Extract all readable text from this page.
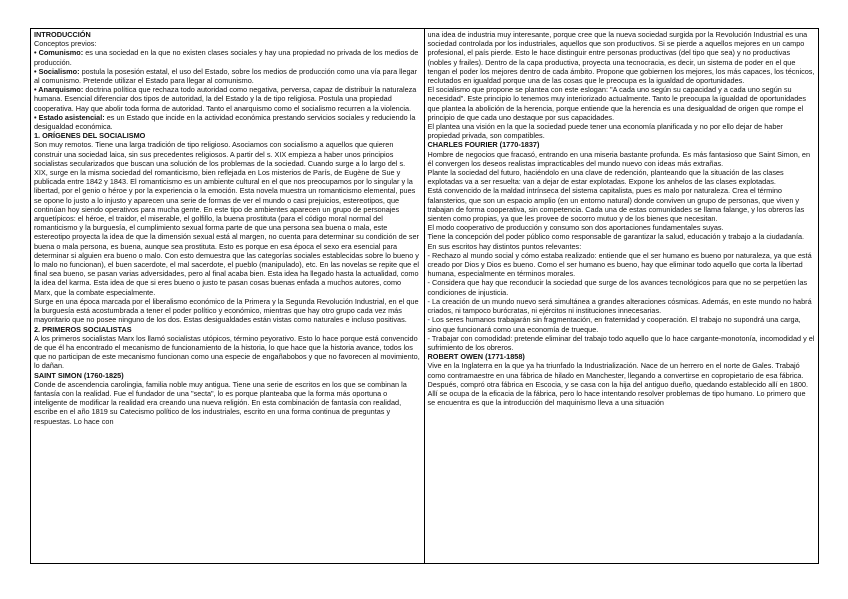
INTRODUCCIÓN
Conceptos previos:
• Comunismo: es una sociedad en la que no existen clases sociales y hay una propiedad no privada de los medios de producción.
• Socialismo: postula la posesión estatal, el uso del Estado, sobre los medios de producción como una vía para llegar al comunismo. Pretende utilizar el Estado para llegar al comunismo.
• Anarquismo: doctrina política que rechaza todo autoridad como negativa, perversa, capaz de distribuir la naturaleza humana. Esencial diferenciar dos tipos de autoridad, la del Estado y la de tipo religiosa. Postula una propiedad cooperativa. Hay que abolir toda forma de autoridad. Tanto el anarquismo como el socialismo recurren a la violencia.
• Estado asistencial: es un Estado que incide en la actividad económica prestando servicios sociales y reduciendo la desigualdad económica.
1. ORÍGENES DEL SOCIALISMO
Son muy remotos. Tiene una larga tradición de tipo religioso. Asociamos con socialismo a aquellos que quieren construir una sociedad laica, sin sus precedentes religiosos. A partir del s. XIX empieza a haber unos principios socialistas secularizados que buscan una solución de los problemas de la sociedad. Cuando surge a lo largo del s. XIX, surge en la misma sociedad del romanticismo, bien reflejada en Los misterios de París, de Eugène de Sue y publicada entre 1842 y 1843. El romanticismo es un ambiente cultural en el que nos preocupamos por lo singular y la libertad, por el genio o héroe y por la experiencia o la emoción. Esta novela muestra un romanticismo elemental, pues se opone lo justo a lo injusto y aparecen una serie de formas de ver el mundo o casi prejuicios, estereotipos, que continúan hoy siendo operativos para mucha gente. En este tipo de ambientes aparecen un grupo de personajes arquetípicos: el héroe, el traidor, el miserable, el golfillo, la buena prostituta (para el código moral normal del romanticismo y la burguesía, el cumplimiento sexual forma parte de que una persona sea buena o mala, este estereotipo proyecta la idea de que la dimensión sexual está al margen, no cuenta para determinar su condición de ser buena o mala persona, es buena, aunque sea prostituta. Esto es porque en esa época el sexo era esencial para determinar si alguien era bueno o malo. Con esto demuestra que las categorías sociales establecidas sobre lo bueno y lo malo no funcionan), el buen sacerdote, el mal sacerdote, el pueblo (manipulado), etc. En las novelas se repite que el final sea bueno, se pasan varias adversidades, pero al final acaba bien. Esta idea ha llegado hasta la actualidad, como la idea del karma. Esta idea de que si eres bueno o justo te pasan cosas buenas enfada a muchos autores, como Marx, que la combate especialmente.
Surge en una época marcada por el liberalismo económico de la Primera y la Segunda Revolución Industrial, en el que la burguesía está acostumbrada a tener el poder político y económico, mientras que hay otro grupo cada vez más mayoritario que no posee ninguno de los dos. Estas desigualdades están vistas como naturales e incluso positivas.
2. PRIMEROS SOCIALISTAS
A los primeros socialistas Marx los llamó socialistas utópicos, término peyorativo. Esto lo hace porque está convencido de que él ha encontrado el mecanismo de funcionamiento de la historia, lo que hace que la historia avance, todos los que no participan de este mecanismo funcionan como una especie de engañabobos y que no favorecen al movimiento, lo dañan.
SAINT SIMON (1760-1825)
Conde de ascendencia carolingia, familia noble muy antigua. Tiene una serie de escritos en los que se combinan la fantasía con la realidad. Fue el fundador de una "secta", lo es porque planteaba que la forma más oportuna o inteligente de modificar la realidad era creando una nueva religión. En esta combinación de fantasía con realidad, escribe en el año 1819 su Catecismo político de los industriales, escrito en una forma continua de preguntas y respuestas. Lo hace con
una idea de industria muy interesante, porque cree que la nueva sociedad surgida por la Revolución Industrial es una sociedad controlada por los industriales, aquellos que son productivos. Si se pierde a aquellos mejores en un campo profesional, el país pierde. Esto le hace distinguir entre personas productivas (del tipo que sea) y no productivas (nobles y frailes). Dentro de la capa productiva, proyecta una tecnocracia, es decir, un sistema de poder en el que tengan el poder los mejores dentro de cada ámbito. Propone que gobiernen los mejores, los más capaces, los técnicos, reclutados en igualdad porque una de las cosas que le preocupa es la igualdad de oportunidades.
El socialismo que propone se plantea con este eslogan: "A cada uno según su capacidad y a cada uno según su necesidad". Este principio lo tenemos muy interiorizado actualmente. Tanto le preocupa la igualdad de oportunidades que plantea la abolición de la herencia, porque entiende que la herencia es una desigualdad de origen que rompe el principio de que cada uno destaque por sus capacidades.
El plantea una visión en la que la sociedad puede tener una economía planificada y no por ello dejar de haber propiedad privada, son compatibles.
CHARLES FOURIER (1770-1837)
Hombre de negocios que fracasó, entrando en una miseria bastante profunda. Es más fantasioso que Saint Simon, en él convergen los deseos realistas impracticables del mundo nuevo con ideas más extrañas.
Plante la sociedad del futuro, haciéndolo en una clave de redención, planteando que la situación de las clases explotadas va a ser resuelta: van a dejar de estar explotadas. Expone los anhelos de las clases explotadas.
Está convencido de la maldad intrínseca del sistema capitalista, pues es malo por naturaleza. Crea el término falansterios, que son un espacio amplio (en un entorno natural) donde conviven un grupo de personas, que viven y trabajan de forma cooperativa, sin competencia. Cada una de estas comunidades se llama falange, y los obreros las sienten como propias, ya que les provee de socorro mutuo y de los bienes que necesitan.
El modo cooperativo de producción y consumo son dos aportaciones fundamentales suyas.
Tiene la concepción del poder público como responsable de garantizar la salud, educación y trabajo a la ciudadanía. En sus escritos hay distintos puntos relevantes:
- Rechazo al mundo social y cómo estaba realizado: entiende que el ser humano es bueno por naturaleza, ya que está creado por Dios y Dios es bueno. Como el ser humano es bueno, hay que eliminar todo aquello que corta la libertad humana, especialmente en términos morales.
- Considera que hay que reconducir la sociedad que surge de los avances tecnológicos para que no se perpetúen las condiciones de injusticia.
- La creación de un mundo nuevo será simultánea a grandes alteraciones cósmicas. Además, en este mundo no habrá criados, ni tampoco burócratas, ni ejércitos ni instituciones innecesarias.
- Los seres humanos trabajarán sin fragmentación, en fraternidad y cooperación. El trabajo no supondrá una carga, sino que funcionará como una economía de trueque.
- Trabajar con comodidad: pretende eliminar del trabajo todo aquello que lo hace cargante-monotonía, incomodidad y el sufrimiento de los obreros.
ROBERT OWEN (1771-1858)
Vive en la Inglaterra en la que ya ha triunfado la Industrialización. Nace de un herrero en el norte de Gales. Trabajó como contramaestre en una fábrica de hilado en Manchester, llegando a convertirse en copropietario de esa fábrica. Después, compró otra fábrica en Escocia, y se casa con la hija del antiguo dueño, quedando establecido allí en 1800.
Allí se ocupa de la eficacia de la fábrica, pero lo hace intentando resolver problemas de tipo humano. Lo primero que se encuentra es que la introducción del maquinismo lleva a una situación
